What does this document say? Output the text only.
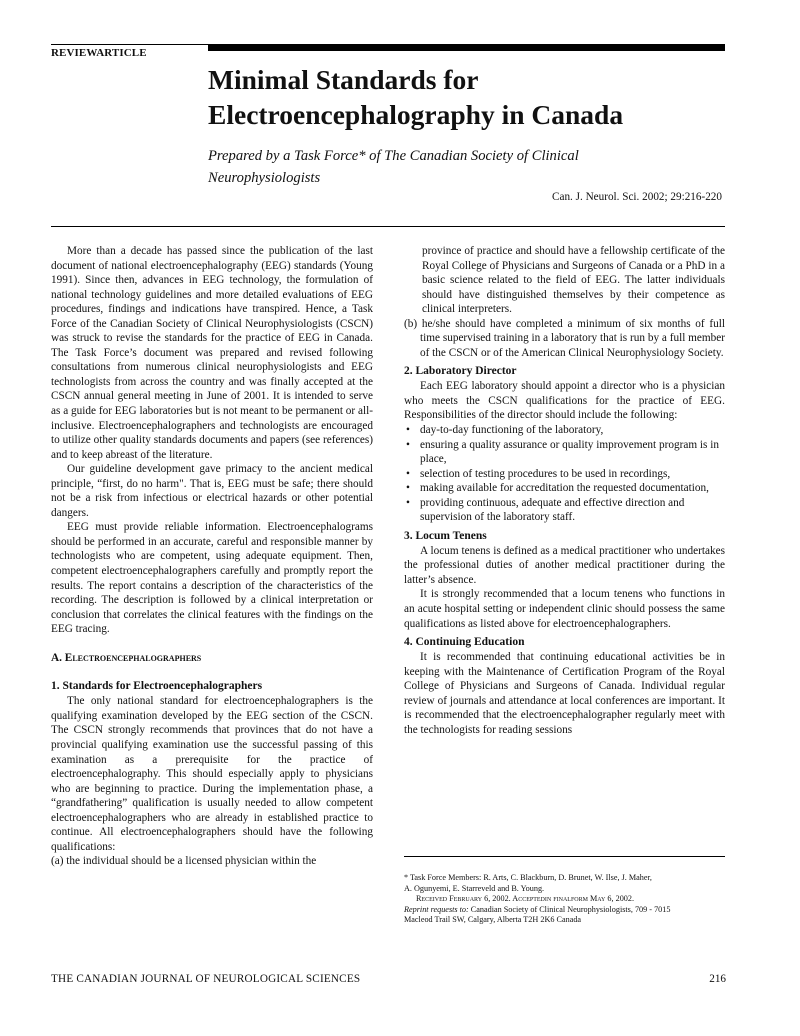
REVIEWARTICLE
Minimal Standards for
Electroencephalography in Canada

Prepared by a Task Force* of The Canadian Society of Clinical
Neurophysiologists

Can. J. Neurol. Sci. 2002; 29:216-220

More than a decade has passed since the publication of the last document of national electroencephalography (EEG) standards (Young 1991). Since then, advances in EEG technology, the formulation of national technology guidelines and more detailed evaluations of EEG procedures, findings and indications have transpired. Hence, a Task Force of the Canadian Society of Clinical Neurophysiologists (CSCN) was struck to revise the standards for the practice of EEG in Canada. The Task Force’s document was prepared and revised following consultations from numerous clinical neurophysiologists and EEG technologists from across the country and was finally accepted at the CSCN annual general meeting in June of 2001. It is intended to serve as a guide for EEG laboratories but is not meant to be permanent or all-inclusive. Electroencephalographers and technologists are encouraged to utilize other quality standards documents and papers (see references) and to keep abreast of the literature.

Our guideline development gave primacy to the ancient medical principle, “first, do no harm". That is, EEG must be safe; there should not be a risk from infectious or electrical hazards or other potential dangers.

EEG must provide reliable information. Electroencephalograms should be performed in an accurate, careful and responsible manner by technologists who are competent, using adequate equipment. Then, competent electroencephalographers carefully and promptly report the results. The report contains a description of the characteristics of the recording. The description is followed by a clinical interpretation or conclusion that correlates the clinical features with the findings on the EEG tracing.

A. Electroencephalographers
1. Standards for Electroencephalographers

The only national standard for electroencephalographers is the qualifying examination developed by the EEG section of the CSCN. The CSCN strongly recommends that provinces that do not have a provincial qualifying examination use the successful passing of this examination as a prerequisite for the practice of electroencephalography. This should especially apply to physicians who are beginning to practice. During the implementation phase, a “grandfathering” qualification is usually needed to allow competent electroencephalographers who are already in established practice to continue. All electroencephalographers should have the following qualifications:

(a) the individual should be a licensed physician within the

province of practice and should have a fellowship certificate of the Royal College of Physicians and Surgeons of Canada or a PhD in a basic science related to the field of EEG. The latter individuals should have distinguished themselves by their competence as clinical interpreters.

(b) he/she should have completed a minimum of six months of full time supervised training in a laboratory that is run by a full member of the CSCN or of the American Clinical Neurophysiology Society.

2. Laboratory Director

Each EEG laboratory should appoint a director who is a physician who meets the CSCN qualifications for the practice of EEG. Responsibilities of the director should include the following:

• day-to-day functioning of the laboratory,
• ensuring a quality assurance or quality improvement program is in place,
• selection of testing procedures to be used in recordings,
• making available for accreditation the requested documentation,
• providing continuous, adequate and effective direction and supervision of the laboratory staff.
3. Locum Tenens

A locum tenens is defined as a medical practitioner who undertakes the professional duties of another medical practitioner during the latter’s absence.

It is strongly recommended that a locum tenens who functions in an acute hospital setting or independent clinic should possess the same qualifications as listed above for electroencephalographers.

4. Continuing Education

It is recommended that continuing educational activities be in keeping with the Maintenance of Certification Program of the Royal College of Physicians and Surgeons of Canada. Individual regular review of journals and attendance at local conferences are important. It is recommended that the electroencephalographer regularly meet with the technologists for reading sessions

* Task Force Members: R. Arts, C. Blackburn, D. Brunet, W. Ilse, J. Maher,
A. Ogunyemi, E. Starreveld and B. Young.
Received February 6, 2002. Acceptedin finalform May 6, 2002.
Reprint requests to: Canadian Society of Clinical Neurophysiologists, 709 - 7015
Macleod Trail SW, Calgary, Alberta T2H 2K6 Canada
THE CANADIAN JOURNAL OF NEUROLOGICAL SCIENCES	216
